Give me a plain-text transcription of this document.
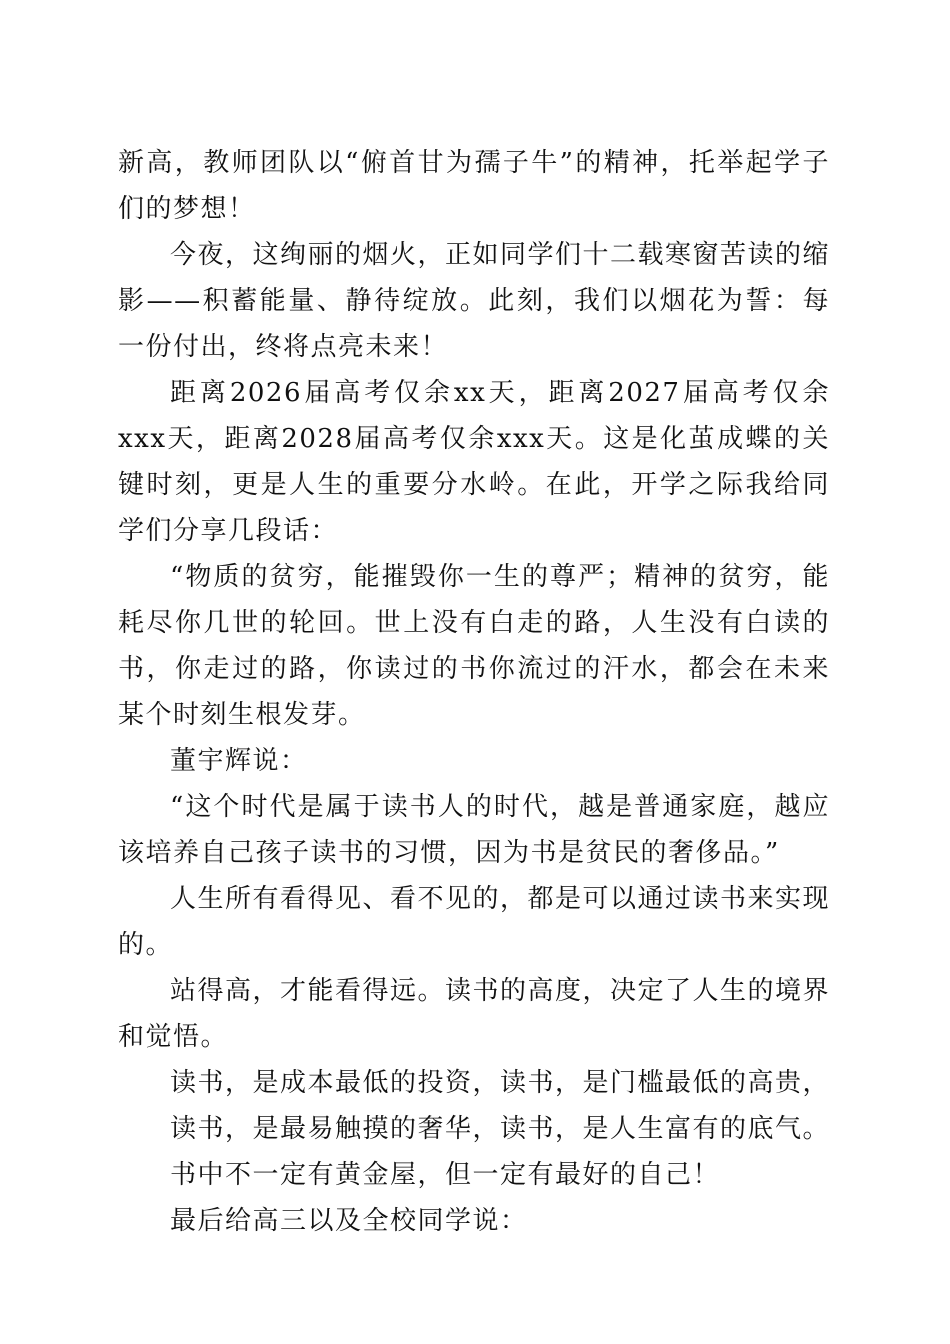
新高，教师团队以“俯首甘为孺子牛”的精神，托举起学子们的梦想！

今夜，这绚丽的烟火，正如同学们十二载寒窗苦读的缩影——积蓄能量、静待绽放。此刻，我们以烟花为誓：每一份付出，终将点亮未来！

距离2026届高考仅余xx天，距离2027届高考仅余xxx天，距离2028届高考仅余xxx天。这是化茧成蝶的关键时刻，更是人生的重要分水岭。在此，开学之际我给同学们分享几段话：

“物质的贫穷，能摧毁你一生的尊严；精神的贫穷，能耗尽你几世的轮回。世上没有白走的路，人生没有白读的书，你走过的路，你读过的书你流过的汗水，都会在未来某个时刻生根发芽。

董宇辉说：

“这个时代是属于读书人的时代，越是普通家庭，越应该培养自己孩子读书的习惯，因为书是贫民的奢侈品。”

人生所有看得见、看不见的，都是可以通过读书来实现的。

站得高，才能看得远。读书的高度，决定了人生的境界和觉悟。

读书，是成本最低的投资，读书，是门槛最低的高贵，

读书，是最易触摸的奢华，读书，是人生富有的底气。

书中不一定有黄金屋，但一定有最好的自己！

最后给高三以及全校同学说：
